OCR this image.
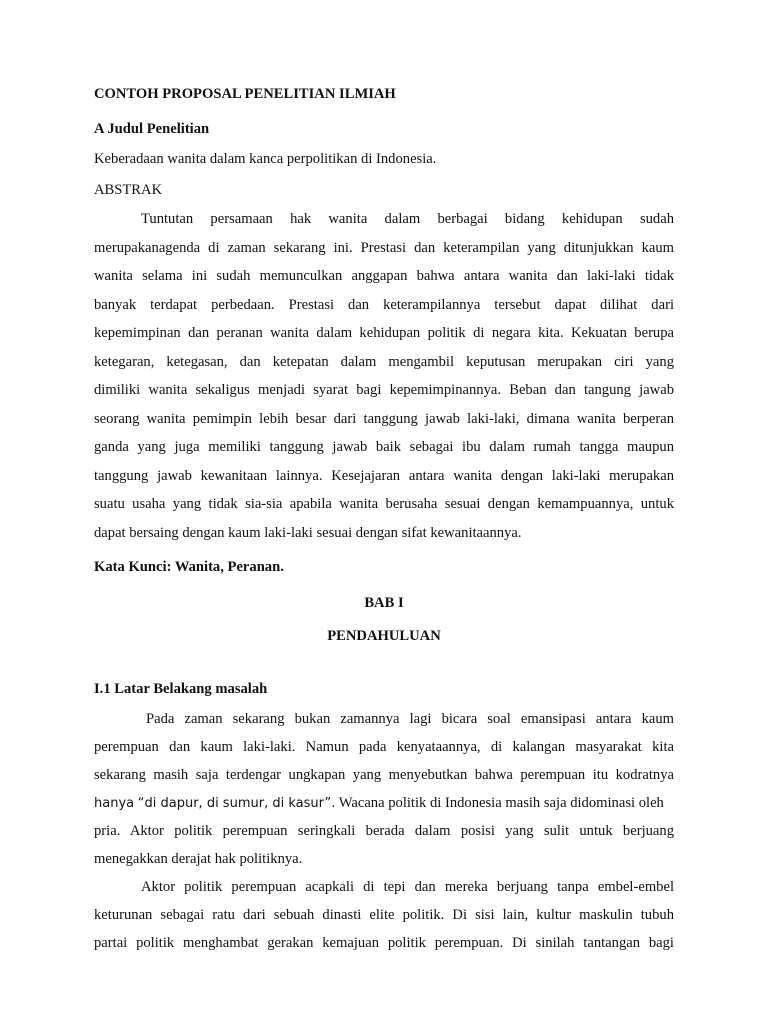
CONTOH PROPOSAL PENELITIAN ILMIAH

A Judul Penelitian

Keberadaan wanita dalam kanca perpolitikan di Indonesia.

ABSTRAK

Tuntutan persamaan hak wanita dalam berbagai bidang kehidupan sudah

merupakanagenda di zaman sekarang ini. Prestasi dan keterampilan yang ditunjukkan kaum

wanita selama ini sudah memunculkan anggapan bahwa antara wanita dan laki-laki tidak

banyak terdapat perbedaan. Prestasi dan keterampilannya tersebut dapat dilihat dari

kepemimpinan dan peranan wanita dalam kehidupan politik di negara kita. Kekuatan berupa

ketegaran, ketegasan, dan ketepatan dalam mengambil keputusan merupakan ciri yang

dimiliki wanita sekaligus menjadi syarat bagi kepemimpinannya. Beban dan tangung jawab

seorang wanita pemimpin lebih besar dari tanggung jawab laki-laki, dimana wanita berperan

ganda yang juga memiliki tanggung jawab baik sebagai ibu dalam rumah tangga maupun

tanggung jawab kewanitaan lainnya. Kesejajaran antara wanita dengan laki-laki merupakan

suatu usaha yang tidak sia-sia apabila wanita berusaha sesuai dengan kemampuannya, untuk

dapat bersaing dengan kaum laki-laki sesuai dengan sifat kewanitaannya.

Kata Kunci: Wanita, Peranan.

BAB I

PENDAHULUAN

I.1 Latar Belakang masalah

Pada zaman sekarang bukan zamannya lagi bicara soal emansipasi antara kaum

perempuan dan kaum laki-laki. Namun pada kenyataannya, di kalangan masyarakat kita

sekarang masih saja terdengar ungkapan yang menyebutkan bahwa perempuan itu kodratnya

hanya “di dapur, di sumur, di kasur”. Wacana politik di Indonesia masih saja didominasi oleh

pria. Aktor politik perempuan seringkali berada dalam posisi yang sulit untuk berjuang

menegakkan derajat hak politiknya.

Aktor politik perempuan acapkali di tepi dan mereka berjuang tanpa embel-embel

keturunan sebagai ratu dari sebuah dinasti elite politik. Di sisi lain, kultur maskulin tubuh

partai politik menghambat gerakan kemajuan politik perempuan. Di sinilah tantangan bagi
